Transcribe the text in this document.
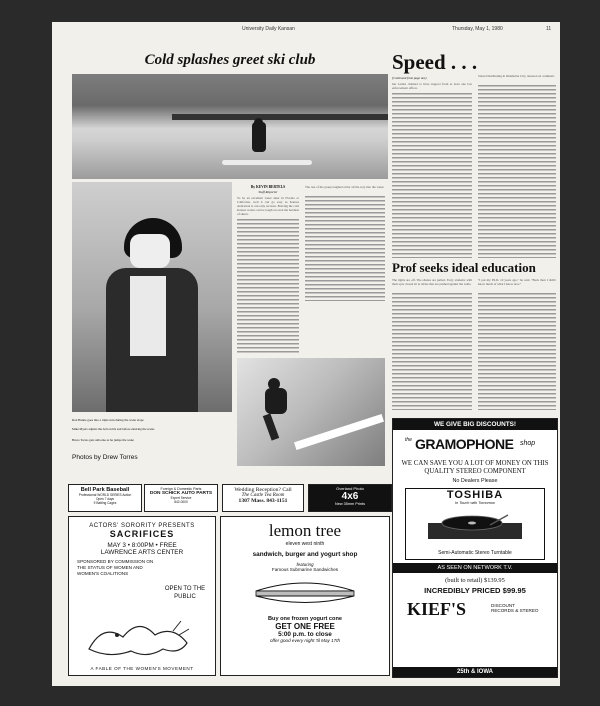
University Daily Kansan	Thursday, May 1, 1980	11
Cold splashes greet ski club
By KEVIN BERTELS
Staff Reporter
To be an excellent water skier in Florida or California, well it can go easy as Kansas dedication is can only recreate. Braving the cold Kansas waters can be tough on even the hardiest of skiers.
The rest of the group laughed at her all the way into the water.
Ron Hanna goes into a triple turn during the water slope
Mike Myers adjusts the belt on his suit before entering the water.
Bruce Torres gets airborne as he jumps the wake
Photos by Drew Torres
Speed . . .
(Continued from page one)
but Ladies claimed to have support from at least one law enforcement officer.
States Distributing in Oklahoma City, released on comment.
Prof seeks ideal education
The lights are off. The shades are pulled. Forty students with their eyes closed sit at tables that are pushed against the walls.
"I put my Ph.D. 10 years ago," he said. "Back then I didn't know much of what I know now."
Bell Park Baseball
Professional WORLD SERIES Action
Open 7 days
9 Batting Cages
Foreign & Domestic Parts
DON SCHICK AUTO PARTS
Expert Service
842-0000
Wedding Reception? Call
The Castle Tea Room
1307 Mass. 843-1151
Overland Photo
4x6
New 35mm Prints
ACTORS' SORORITY PRESENTS
SACRIFICES
MAY 3 • 8:00PM • FREE
LAWRENCE ARTS CENTER
SPONSORED BY COMMISSION ON THE STATUS OF WOMEN AND WOMEN'S COALITIONS
OPEN TO THE PUBLIC
A FABLE OF THE WOMEN'S MOVEMENT
lemon tree
eleven west ninth
sandwich, burger and yogurt shop
featuring
Famous Submarine Sandwiches
Buy one frozen yogurt cone
GET ONE FREE
5:00 p.m. to close
offer good every night 'til May 17th
WE GIVE BIG DISCOUNTS!
the GRAMOPHONE shop
WE CAN SAVE YOU A LOT OF MONEY ON THIS QUALITY STEREO COMPONENT
No Dealers Please
TOSHIBA
In Touch with Tomorrow
Semi-Automatic Stereo Turntable
AS SEEN ON NETWORK T.V.
(built to retail) $139.95
INCREDIBLY PRICED $99.95
KIEF'S	DISCOUNT RECORDS & STEREO
25th & IOWA
